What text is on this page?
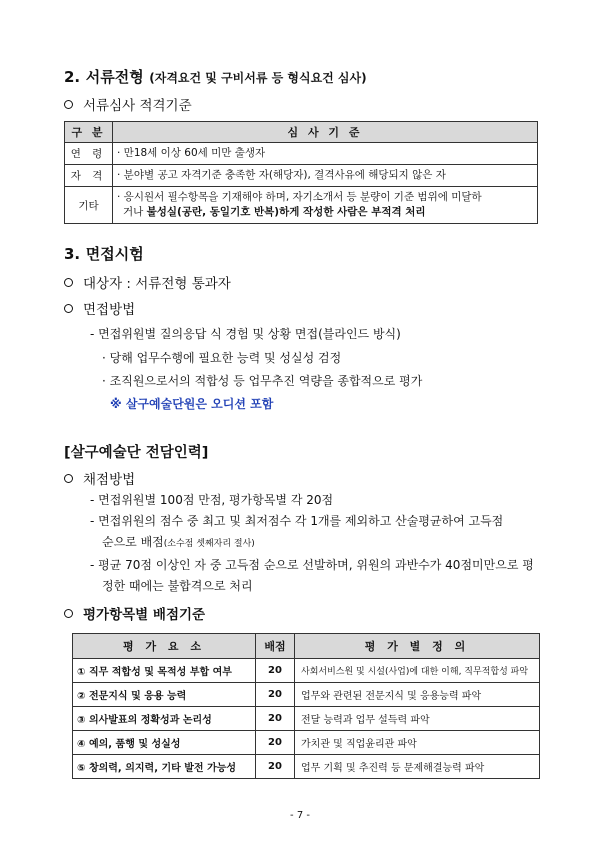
2. 서류전형 (자격요건 및 구비서류 등 형식요건 심사)
서류심사 적격기준
구 분	심 사 기 준
연 령	· 만18세 이상 60세 미만 출생자
자 격	· 분야별 공고 자격기준 충족한 자(해당자), 결격사유에 해당되지 않은 자
기타	· 응시원서 필수항목을 기재해야 하며, 자기소개서 등 분량이 기준 범위에 미달하
거나 불성실(공란, 동일기호 반복)하게 작성한 사람은 부적격 처리
3. 면접시험
대상자 : 서류전형 통과자
면접방법
- 면접위원별 질의응답 식 경험 및 상황 면접(블라인드 방식)
· 당해 업무수행에 필요한 능력 및 성실성 검정
· 조직원으로서의 적합성 등 업무추진 역량을 종합적으로 평가
※ 살구예술단원은 오디션 포함
[살구예술단 전담인력]
채점방법
- 면접위원별 100점 만점, 평가항목별 각 20점
- 면접위원의 점수 중 최고 및 최저점수 각 1개를 제외하고 산술평균하여 고득점
순으로 배점(소수점 셋째자리 절사)
- 평균 70점 이상인 자 중 고득점 순으로 선발하며, 위원의 과반수가 40점미만으로 평
정한 때에는 불합격으로 처리
평가항목별 배점기준
평 가 요 소	배점	평 가 별 정 의
① 직무 적합성 및 목적성 부합 여부	20	사회서비스원 및 시설(사업)에 대한 이해, 직무적합성 파악
② 전문지식 및 응용 능력	20	업무와 관련된 전문지식 및 응용능력 파악
③ 의사발표의 정확성과 논리성	20	전달 능력과 업무 설득력 파악
④ 예의, 품행 및 성실성	20	가치관 및 직업윤리관 파악
⑤ 창의력, 의지력, 기타 발전 가능성	20	업무 기획 및 추진력 등 문제해결능력 파악
- 7 -
